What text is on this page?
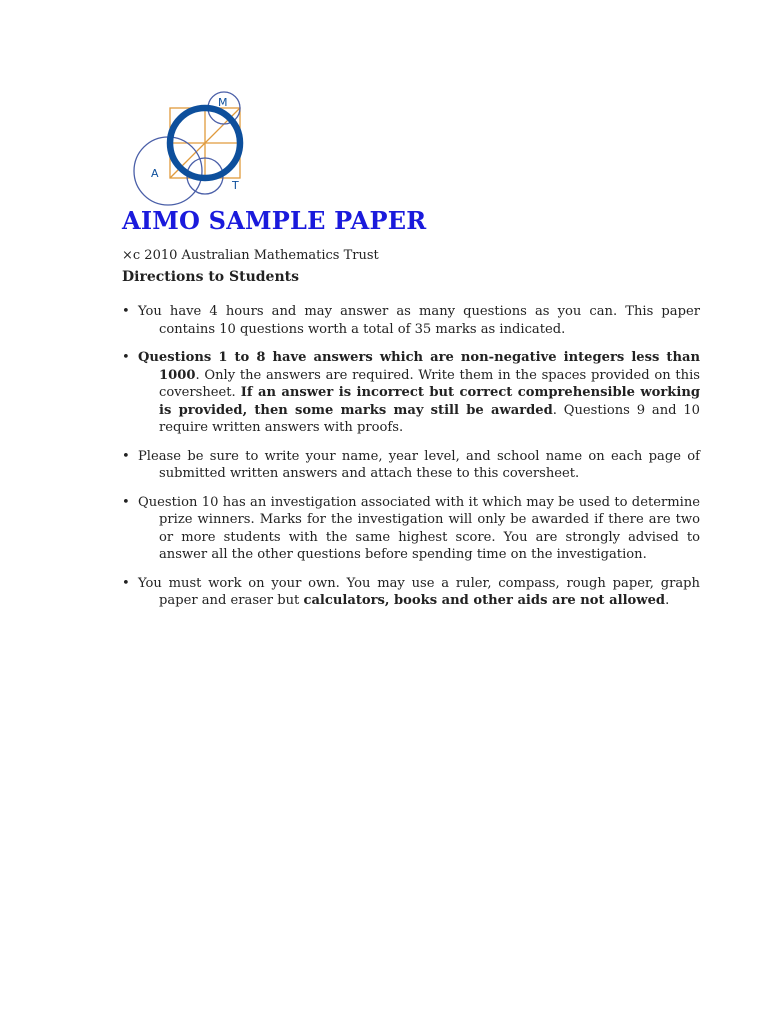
M
A
T
AIMO SAMPLE PAPER
×c 2010 Australian Mathematics Trust
Directions to Students
• You have 4 hours and may answer as many questions as you can. This paper contains 10 questions worth a total of 35 marks as indicated.
• Questions 1 to 8 have answers which are non-negative integers less than 1000. Only the answers are required. Write them in the spaces provided on this coversheet. If an answer is incorrect but correct comprehensible working is provided, then some marks may still be awarded. Questions 9 and 10 require written answers with proofs.
• Please be sure to write your name, year level, and school name on each page of submitted written answers and attach these to this coversheet.
• Question 10 has an investigation associated with it which may be used to determine prize winners. Marks for the investigation will only be awarded if there are two or more students with the same highest score. You are strongly advised to answer all the other questions before spending time on the investigation.
• You must work on your own. You may use a ruler, compass, rough paper, graph paper and eraser but calculators, books and other aids are not allowed.
